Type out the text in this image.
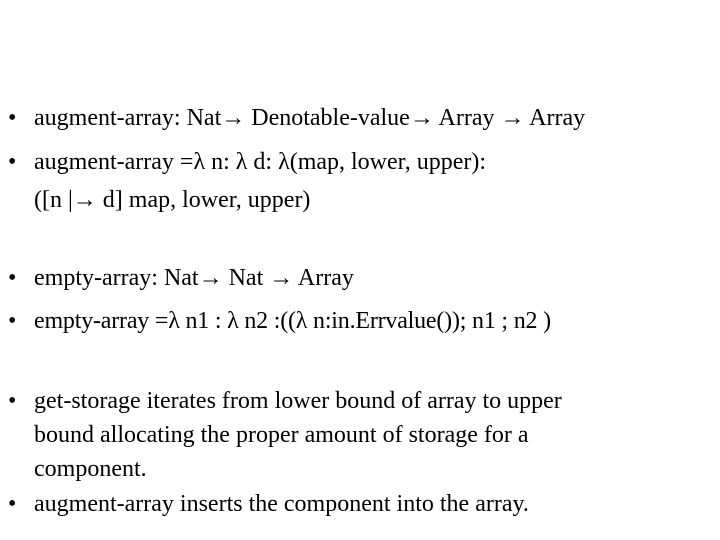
• augment-array: Nat→ Denotable-value→ Array → Array
• augment-array =λ n: λ d: λ(map, lower, upper):
([n |→ d] map, lower, upper)
• empty-array: Nat→ Nat → Array
• empty-array =λ n1 : λ n2 :((λ n:in.Errvalue()); n1 ; n2 )
• get-storage iterates from lower bound of array to upper
bound allocating the proper amount of storage for a
component.
• augment-array inserts the component into the array.
